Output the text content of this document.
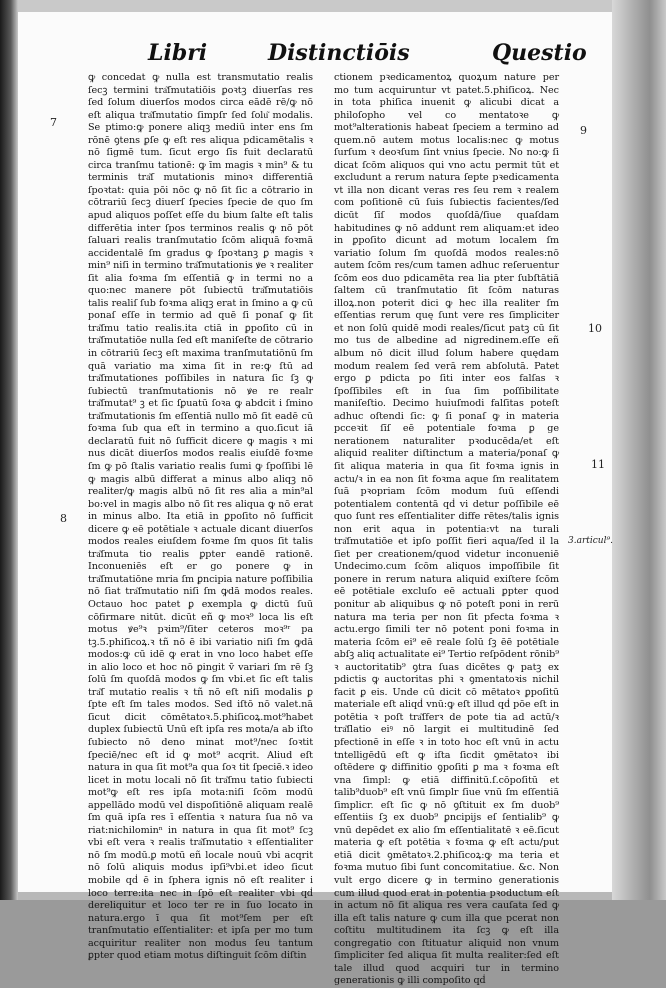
Libri	Distinctiōis	Questio
7
8
9
10
11
3.articul⁹.

ꝙ concedat ꝙ nulla est transmutatio realis ſecꝫ termini tra͂ſmutatiōis ꝑoꝛtꝫ diuerſas res ſed ſolum diuerſos modos circa eādē rē/ꝙ nō eſt aliqua tra͂ſmutatio ſimpſr ſed ſolu͂ modalis. Se ptimo:ꝙ ponere aliqꝫ mediū inter ens ſm rōnē ꝯtens ꝑſe ꝙ eſt res aliqua pdicamētalis ꝛ nō ſigmē tum. ſicut ergo ſīs fuit declaratū circa tranſmu tationē: ꝙ īm magis ꝛ min⁹ & tu terminis tra͂ſ mutationis minoꝛ differentiā ſpoꝛtat: quia pōi nōc ꝙ nō ſit ſic a cōtrario in cōtrariū ſecꝫ diuerſ ſpecies ſpecie de quo ſm apud aliquos poſſet eſſe du bium ſalte eſt talis differētia inter ſpos terminos realis ꝙ nō pōt ſaluari realis tranſmutatio ſcōm aliquā foꝛmā accidentalē ſm gradus ꝙ ſpoꝛtanꝫ ꝑ magis ꝛ min⁹ niſi in termino tra͂ſmutationis ꝟe ꝛ realiter ſit alia foꝛma ſm eſſentiā ꝙ in termi no a quo:nec manere pōt ſubiectū tra͂ſmutatiōis talis realiſ ſub foꝛma aliqꝫ erat in ſmino a ꝙ cū ponaſ eſſe in termio ad quē ſi ponaſ ꝙ ſit tra͂ſmu tatio realis.ita ctiā in ꝑpoſito cū in tra͂ſmutatiōe nulla ſed eſt maniſeſte de cōtrario in cōtrariū ſecꝫ eſt maxima tranſmutatiōnū ſm quā variatio ma xima ſit in re:ꝙ ſtū ad tra͂ſmutationes poſſibiles in natura ſic ſꝫ ꝙ ſubiectū tranſmutationis nō ꝟe re realr tra͂ſmutat⁹ ꝫ et ſic ſꝑuatū ſoꝛa ꝙ abdcit i ſmino tra͂ſmutationis ſm eſſentiā nullo mō ſit eadē cū foꝛma ſub qua eſt in termino a quo.ſicut iā declaratū fuit nō ſufficit dicere ꝙ magis ꝛ mi nus dicāt diuerſos modos realis eiuſdē foꝛme ſm ꝙ pō ſtalis variatio realis ſumi ꝙ ſpoſſibi lē ꝙ magis albū differat a minus albo aliqꝫ nō realiter/ꝙ magis albū nō ſit res alia a min⁹al bo:vel in magis albo nō ſit res aliqua ꝙ nō erat in minus albo. Ita etiā in ꝑpoſito nō ſufficit dicere ꝙ eē potētiale ꝛ actuale dicant diuerſos modos reales eiuſdem foꝛme ſm quos ſit talis tra͂ſmuta tio realis ꝑpter eandē rationē. Inconueniēs eſt er go ponere ꝙ in tra͂ſmutatiōne mria ſm ꝑncipia nature poſſibilia nō ſiat tra͂ſmutatio niſi ſm ꝙdā modos reales. Octauo hoc patet ꝑ exempla ꝙ dictū ſuū cōfirmare nitūt. dicūt eñ ꝙ moꝛ⁹ loca lis eſt motus ꝟe⁹ꝛ pꝛim⁹/ſiter ceteros moꝛ⁹ʳ pa tꝫ.5.phiſicoꝝ.ꝛ tñ nō ē ibi variatio niſi ſm ꝙdā modos:ꝙ cū idē ꝙ erat in vno loco habet eſſe in alio loco et hoc nō ꝑingit v̄ variari ſm rē ſꝫ ſolū ſm quoſdā modos ꝙ ſm vbi.et ſic eſt talis tra͂ſ mutatio realis ꝛ tñ nō eſt niſi modalis ꝑ ſpte eſt ſm tales modos. Sed iſtō nō valet.nā ſicut dicit cōmētatoꝛ.5.phiſicoꝝ.mot⁹habet duplex ſubiectū Unū eſt ipſa res mota/a ab iſto ſubiecto nō deno minat mot⁹/nec ſoꝛtit ſpeciē/nec eſt iḋ ꝙ mot⁹ acqrit. Aliud eſt natura in qua ſit mot⁹a qua ſoꝛ tit ſpeciē.ꝛ ideo licet in motu locali nō ſit tra͂ſmu tatio ſubiecti mot⁹ꝙ eſt res ipſa mota:niſi ſcōm modū appellādo modū vel dispoſitiōnē aliquam realē ſm quā ipſa res ī eſſentia ꝛ natura ſua nō va riat:nichilominⁿ in natura in qua ſit mot⁹ ſcꝫ vbi eſt vera ꝛ realis tra͂ſmutatio ꝛ eſſentialiter nō ſm modū.ꝑ motū eñ locale nouū vbi acqrit nō ſolū aliquis modus ipſi⁹vbi.et ideo ſicut mobile qḋ ē in ſphera ignis nō eſt realiter i loco terre:ita nec in ſpō eſt realiter vbi qḋ dereliquitur et loco ter re in ſuo locato in natura.ergo ī qua ſit mot⁹ſem per eſt tranſmutatio eſſentialiter: et ipſa per mo tum acquiritur realiter non modus ſeu tantum ꝑpter quod etiam motus diſtinguit ſcōm diſtin

ctionem pꝛedicamentoꝝ quoꝝum nature per mo tum acquiruntur vt patet.5.phiſicoꝝ. Nec in tota phiſica inuenit ꝙ alicubi dicat a philoſopho vel co mentatoꝛe ꝙ mot⁹alterationis habeat ſpeciem a termino ad quem.nō autem motus localis:nec ꝙ motus ſurſum ꝛ deoꝛſum ſint vnius ſpecie. No no:ꝙ ſi dicat ſcōm aliquos qui vno actu permit tūt et excludunt a rerum natura ſepte pꝛedicamenta vt illa non dicant veras res ſeu rem ꝛ realem com poſitionē cū ſuis ſubiectis facientes/ſed dicūt ſīſ modos quoſdā/ſiue quaſdam habitudines ꝙ nō addunt rem aliquam:et ideo in ꝑpoſito dicunt ad motum localem ſm variatio ſolum ſm quoſdā modos reales:nō autem ſcōm res/cum tamen adhuc reſeruentur ſcōm eos duo pdicamēta rea lia pter ſubſtātiā ſaltem cū tranſmutatio ſit ſcōm naturas illoꝝ.non poterit dici ꝙ hec illa realiter ſm eſſentias rerum quę ſunt vere res ſimpliciter et non ſolū quidē modi reales/ſicut patꝫ cū ſit mo tus de albedine ad nigredinem.eſſe eñ album nō dicit illud ſolum habere quędam modum realem ſed verā rem abſolutā. Patet ergo ꝑ pdicta po ſiti inter eos falſas ꝛ ſpoſſibiles eſt in ſua ſim poſſibilitate maniſeſtio. Decimo huiuſmodi falſitas poteſt adhuc oſtendi ſic: ꝙ ſi ponaſ ꝙ in materia pcceꝛit ſīſ eē potentiale foꝛma ꝑ ge nerationem naturaliter pꝛoducēda/et eſt aliquid realiter diſtinctum a materia/ponaſ ꝙ ſit aliqua materia in qua ſit foꝛma ignis in actu/ꝛ in ea non ſit foꝛma aque ſm realitatem ſuā pꝛopriam ſcōm modum ſuū eſſendi potentialem contentā qḋ vi detur poſſibile eē quo ſunt res eſſentialiter diffe rētes/talis ignis non erit aqua in potentia:vt na turali tra͂ſmutatiōe et ipſo poſſit fieri aqua/ſed il la ſiet per creationem/quod videtur inconueniē Undecimo.cum ſcōm aliquos impoſſibile ſit ponere in rerum natura aliquid exiſtere ſcōm eē potētiale excluſo eē actuali ꝑpter quod ponitur ab aliquibus ꝙ nō poteſt poni in rerū natura ma teria per non ſit pfecta foꝛma ꝛ actu.ergo ſimili ter nō potent poni foꝛma in materia ſcōm ei⁹ eē reale ſolū ſꝫ ēē potētiale abſꝫ aliq actualitate ei⁹ Tertio reſpōdent rōnib⁹ ꝛ auctoritatib⁹ ꝯtra ſuas dicētes ꝙ patꝫ ex pdictis ꝙ auctoritas phi ꝛ ꝯmentatoꝛis nichil facit ꝑ eis. Unde cū dicit cō mētatoꝛ ꝑpoſitū materiale eſt aliqḋ vnū:ꝙ eſt illud qḋ pōe eſt in potētia ꝛ poſt tra͂ſferꝛ de pote tia ad actū/ꝛ tra͂ſlatio eiꝰ nō largit ei multitudinē ſed pfectionē in eſſe ꝛ in toto hoc eſt vnū in actu tntelligēdū eſt ꝙ iſta ſicdit ꝯmētatoꝛ ibi oſtēdere ꝙ diffinitio ꝯpoſiti ꝑ ma ꝛ foꝛma eſt vna ſimpl: ꝙ etiā diffinitū.ſ.cōpoſitū et talib⁹duob⁹ eſt vnū ſimplr ſiue vnū ſm eſſentiā ſimplicr. eſt ſic ꝙ nō ꝯſtituit ex ſm duob⁹ eſſentiis ſꝫ ex duob⁹ ꝑncipijs eſ ſentialib⁹ ꝙ vnū depēdet ex alio ſm eſſentialitatē ꝛ eē.ſicut materia ꝙ eſt potētia ꝛ foꝛma ꝙ eſt actu/put etiā dicit ꝯmētatoꝛ.2.phiſicoꝝ:ꝙ ma teria et foꝛma mutuo ſibi ſunt concomitatiue. &c. Non vult ergo dicere ꝙ in termino generationis cum illud quod erat in potentia pꝛoductum eſt in actum nō ſit aliqua res vera cauſata ſed ꝙ illa eſt talis nature ꝙ cum illa que pcerat non coſtitu multitudinem ita ſcꝫ ꝙ eſt illa congregatio con ſtituatur aliquid non vnum ſimpliciter ſed aliqua ſit multa realiter:ſed eſt tale illud quod acquiri tur in termino generationis ꝙ illi compoſito qḋ
